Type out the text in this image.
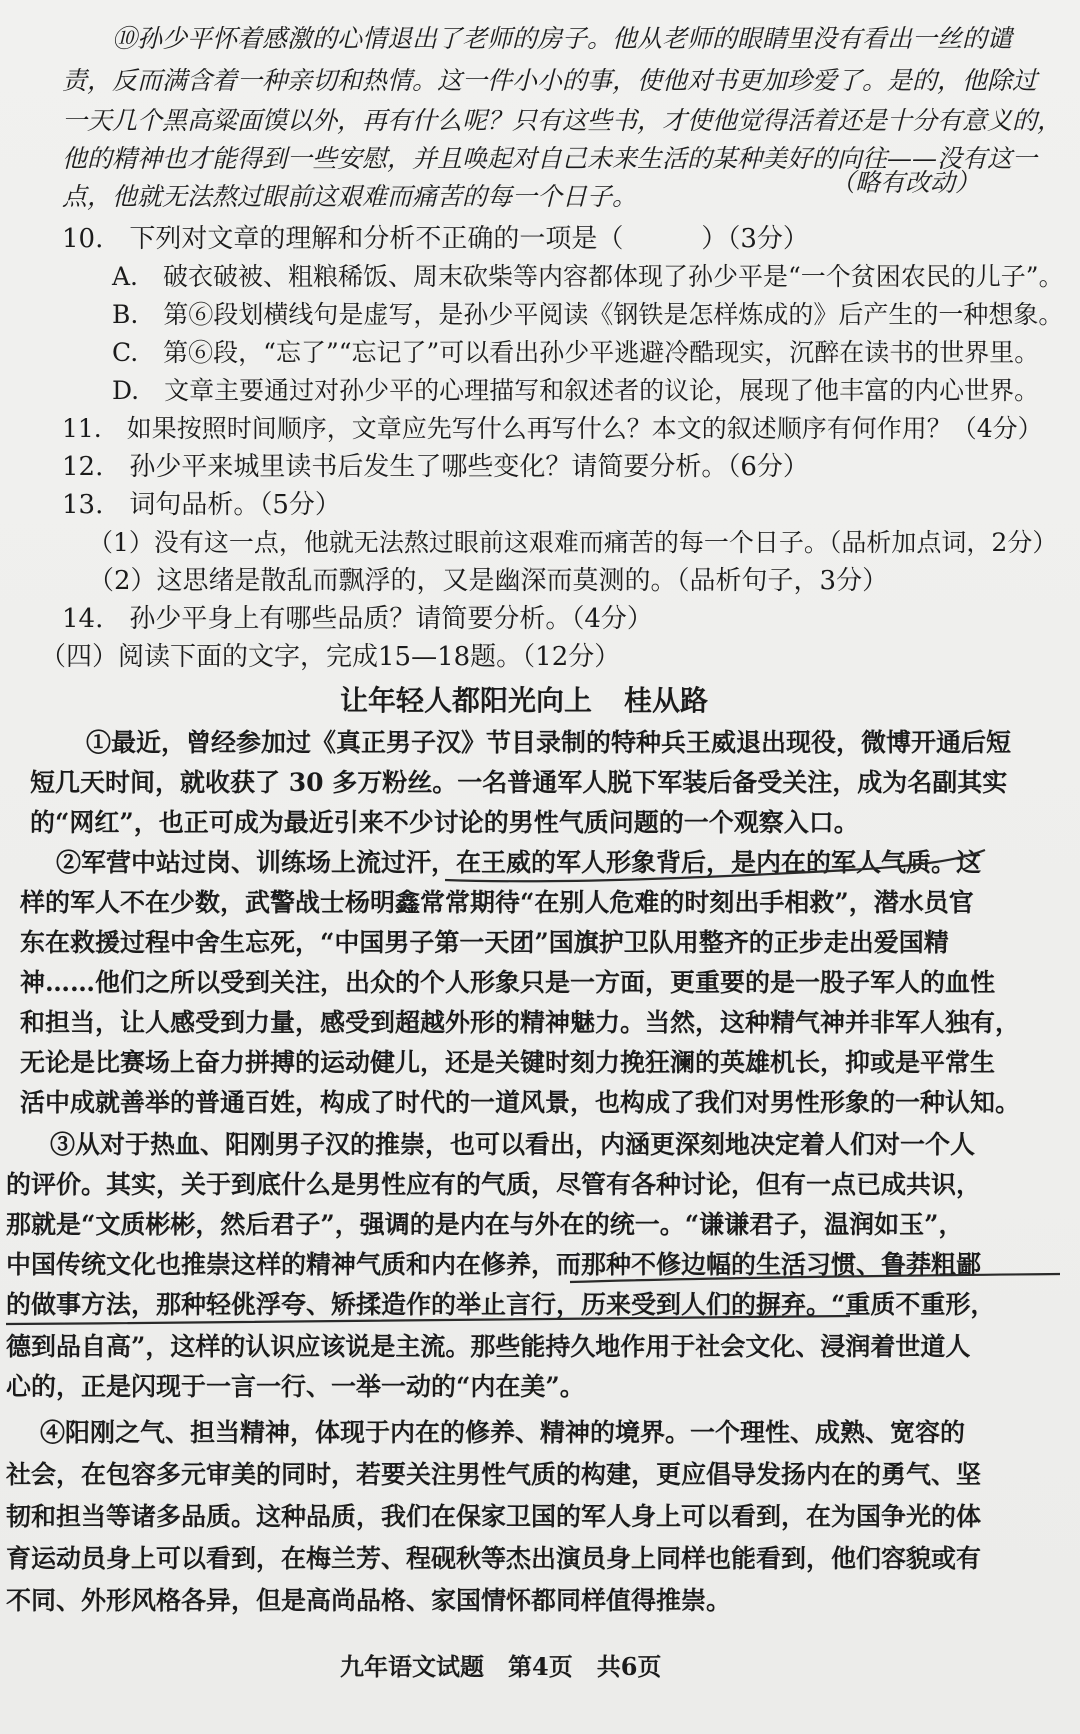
⑩孙少平怀着感激的心情退出了老师的房子。他从老师的眼睛里没有看出一丝的谴
责，反而满含着一种亲切和热情。这一件小小的事，使他对书更加珍爱了。是的，他除过
一天几个黑高粱面馍以外，再有什么呢？只有这些书，才使他觉得活着还是十分有意义的，
他的精神也才能得到一些安慰，并且唤起对自己未来生活的某种美好的向往——没有这一
点，他就无法熬过眼前这艰难而痛苦的每一个日子。	（略有改动）
10.　下列对文章的理解和分析不正确的一项是（　　　）（3分）
A.　破衣破被、粗粮稀饭、周末砍柴等内容都体现了孙少平是“一个贫困农民的儿子”。
B.　第⑥段划横线句是虚写，是孙少平阅读《钢铁是怎样炼成的》后产生的一种想象。
C.　第⑥段，“忘了”“忘记了”可以看出孙少平逃避冷酷现实，沉醉在读书的世界里。
D.　文章主要通过对孙少平的心理描写和叙述者的议论，展现了他丰富的内心世界。
11.　如果按照时间顺序，文章应先写什么再写什么？本文的叙述顺序有何作用？（4分）
12.　孙少平来城里读书后发生了哪些变化？请简要分析。（6分）
13.　词句品析。（5分）
（1）没有这一点，他就无法熬过眼前这艰难而痛苦的每一个日子。（品析加点词，2分）
（2）这思绪是散乱而飘浮的，又是幽深而莫测的。（品析句子，3分）
14.　孙少平身上有哪些品质？请简要分析。（4分）
（四）阅读下面的文字，完成15—18题。（12分）
让年轻人都阳光向上 桂从路
①最近，曾经参加过《真正男子汉》节目录制的特种兵王威退出现役，微博开通后短
短几天时间，就收获了 30 多万粉丝。一名普通军人脱下军装后备受关注，成为名副其实
的“网红”，也正可成为最近引来不少讨论的男性气质问题的一个观察入口。
②军营中站过岗、训练场上流过汗，在王威的军人形象背后，是内在的军人气质。这
样的军人不在少数，武警战士杨明鑫常常期待“在别人危难的时刻出手相救”，潜水员官
东在救援过程中舍生忘死，“中国男子第一天团”国旗护卫队用整齐的正步走出爱国精
神……他们之所以受到关注，出众的个人形象只是一方面，更重要的是一股子军人的血性
和担当，让人感受到力量，感受到超越外形的精神魅力。当然，这种精气神并非军人独有，
无论是比赛场上奋力拼搏的运动健儿，还是关键时刻力挽狂澜的英雄机长，抑或是平常生
活中成就善举的普通百姓，构成了时代的一道风景，也构成了我们对男性形象的一种认知。
③从对于热血、阳刚男子汉的推崇，也可以看出，内涵更深刻地决定着人们对一个人
的评价。其实，关于到底什么是男性应有的气质，尽管有各种讨论，但有一点已成共识，
那就是“文质彬彬，然后君子”，强调的是内在与外在的统一。“谦谦君子，温润如玉”，
中国传统文化也推崇这样的精神气质和内在修养，而那种不修边幅的生活习惯、鲁莽粗鄙
的做事方法，那种轻佻浮夸、矫揉造作的举止言行，历来受到人们的摒弃。“重质不重形，
德到品自高”，这样的认识应该说是主流。那些能持久地作用于社会文化、浸润着世道人
心的，正是闪现于一言一行、一举一动的“内在美”。
④阳刚之气、担当精神，体现于内在的修养、精神的境界。一个理性、成熟、宽容的
社会，在包容多元审美的同时，若要关注男性气质的构建，更应倡导发扬内在的勇气、坚
韧和担当等诸多品质。这种品质，我们在保家卫国的军人身上可以看到，在为国争光的体
育运动员身上可以看到，在梅兰芳、程砚秋等杰出演员身上同样也能看到，他们容貌或有
不同、外形风格各异，但是高尚品格、家国情怀都同样值得推崇。
九年语文试题　第4页　共6页
